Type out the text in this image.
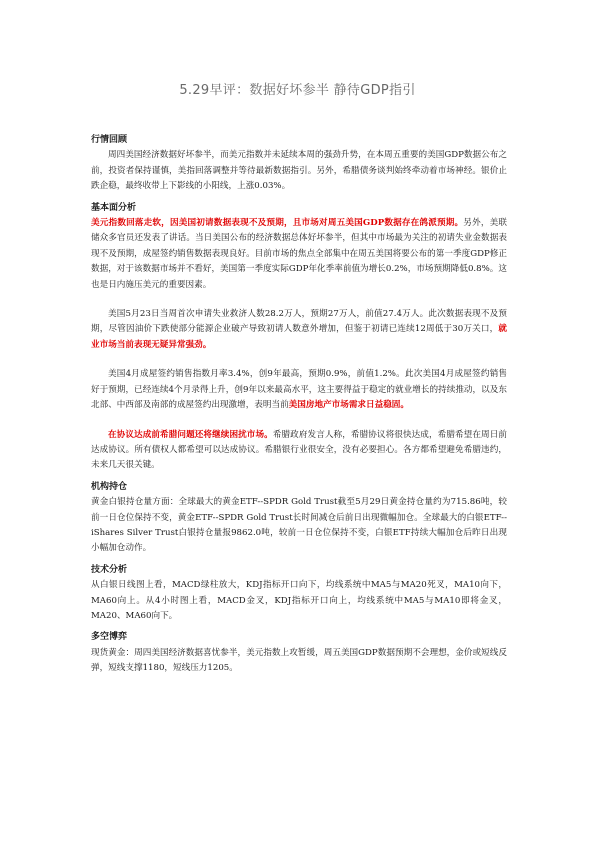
5.29早评：数据好坏参半 静待GDP指引
行情回顾

周四美国经济数据好坏参半，而美元指数并未延续本周的强劲升势，在本周五重要的美国GDP数据公布之前，投资者保持谨慎，美指回落调整并等待最新数据指引。另外，希腊债务谈判始终牵动着市场神经。银价止跌企稳，最终收带上下影线的小阳线，上涨0.03%。

基本面分析

美元指数回落走软，因美国初请数据表现不及预期，且市场对周五美国GDP数据存在鸽派预期。另外，美联储众多官员还发表了讲话。当日美国公布的经济数据总体好坏参半，但其中市场最为关注的初请失业金数据表现不及预期，成屋签约销售数据表现良好。目前市场的焦点全部集中在周五美国将要公布的第一季度GDP修正数据，对于该数据市场并不看好，美国第一季度实际GDP年化季率前值为增长0.2%，市场预期降低0.8%。这也是日内施压美元的重要因素。

美国5月23日当周首次申请失业救济人数28.2万人，预期27万人，前值27.4万人。此次数据表现不及预期，尽管因油价下跌使部分能源企业破产导致初请人数意外增加，但鉴于初请已连续12周低于30万关口，就业市场当前表现无疑异常强劲。

美国4月成屋签约销售指数月率3.4%，创9年最高，预期0.9%，前值1.2%。此次美国4月成屋签约销售好于预期，已经连续4个月录得上升，创9年以来最高水平，这主要得益于稳定的就业增长的持续推动，以及东北部、中西部及南部的成屋签约出现激增，表明当前美国房地产市场需求日益稳固。

在协议达成前希腊问题还将继续困扰市场。希腊政府发言人称，希腊协议将很快达成，希腊希望在周日前达成协议。所有债权人都希望可以达成协议。希腊银行业很安全，没有必要担心。各方都希望避免希腊违约，未来几天很关键。

机构持仓

黄金白银持仓量方面：全球最大的黄金ETF--SPDR Gold Trust截至5月29日黄金持仓量约为715.86吨，较前一日仓位保持不变，黄金ETF--SPDR Gold Trust长时间减仓后前日出现微幅加仓。全球最大的白银ETF--iShares Silver Trust白银持仓量报9862.0吨，较前一日仓位保持不变，白银ETF持续大幅加仓后昨日出现小幅加仓动作。

技术分析

从白银日线图上看，MACD绿柱放大，KDJ指标开口向下，均线系统中MA5与MA20死叉，MA10向下，MA60向上。从4小时图上看，MACD金叉，KDJ指标开口向上，均线系统中MA5与MA10即将金叉，MA20、MA60向下。

多空博弈

现货黄金：周四美国经济数据喜忧参半，美元指数上攻暂缓，周五美国GDP数据预期不会理想，金价或短线反弹，短线支撑1180，短线压力1205。
